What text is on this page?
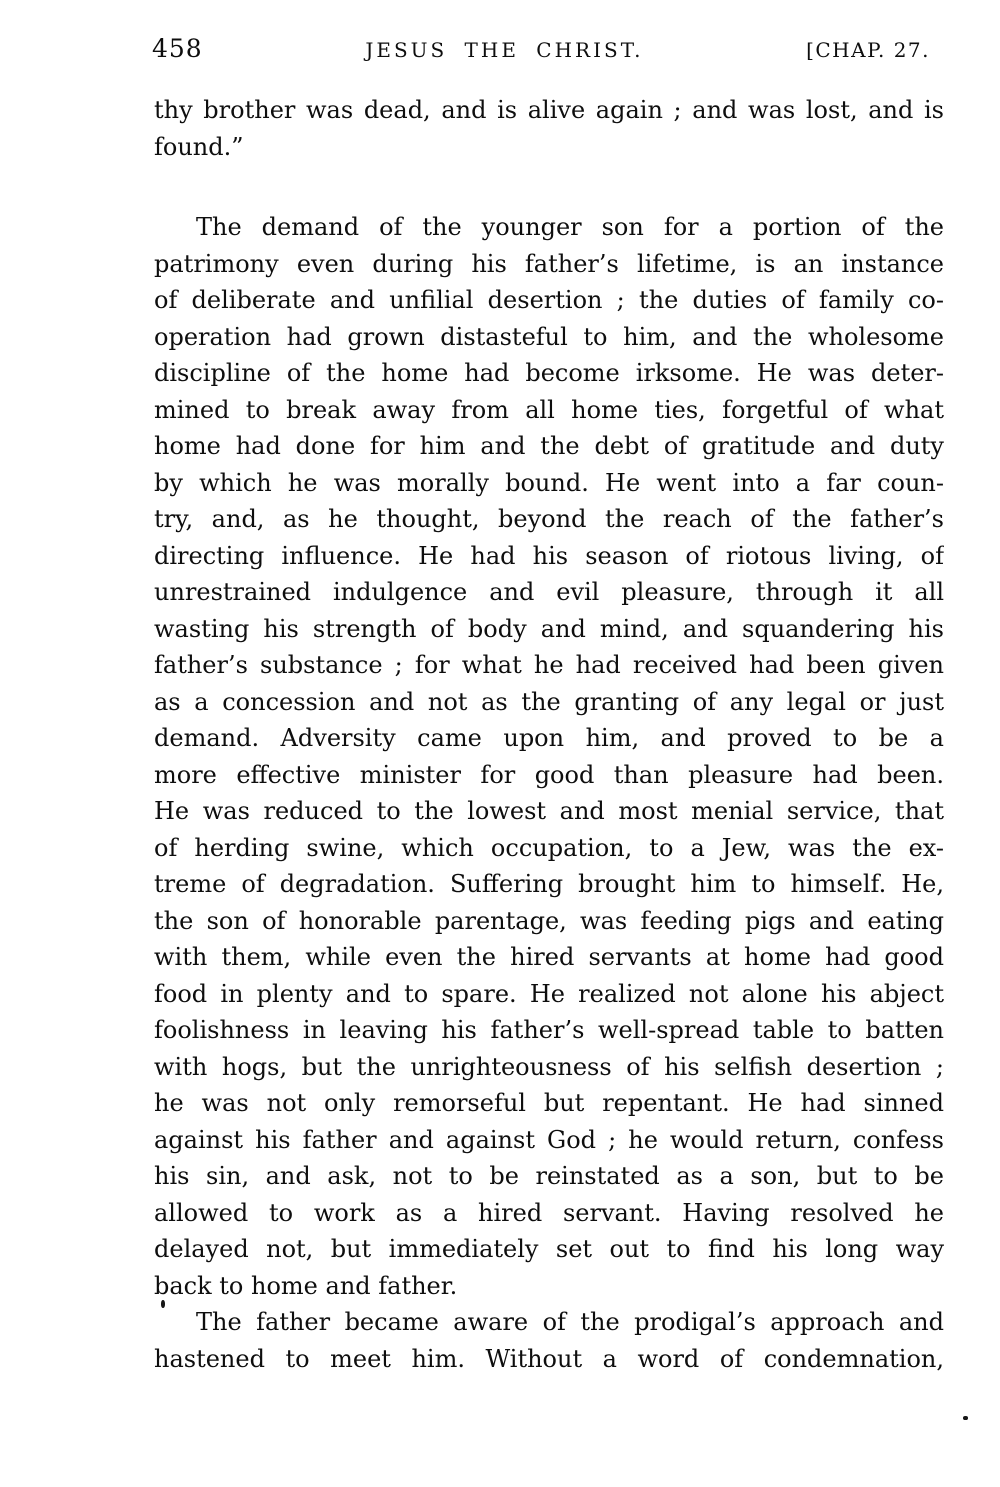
458	JESUS THE CHRIST.	[CHAP. 27.
thy brother was dead, and is alive again ; and was lost, and is
found.”
The demand of the younger son for a portion of the
patrimony even during his father’s lifetime, is an instance
of deliberate and unfilial desertion ; the duties of family co-
operation had grown distasteful to him, and the wholesome
discipline of the home had become irksome. He was deter-
mined to break away from all home ties, forgetful of what
home had done for him and the debt of gratitude and duty
by which he was morally bound. He went into a far coun-
try, and, as he thought, beyond the reach of the father’s
directing influence. He had his season of riotous living, of
unrestrained indulgence and evil pleasure, through it all
wasting his strength of body and mind, and squandering his
father’s substance ; for what he had received had been given
as a concession and not as the granting of any legal or just
demand. Adversity came upon him, and proved to be a
more effective minister for good than pleasure had been.
He was reduced to the lowest and most menial service, that
of herding swine, which occupation, to a Jew, was the ex-
treme of degradation. Suffering brought him to himself. He,
the son of honorable parentage, was feeding pigs and eating
with them, while even the hired servants at home had good
food in plenty and to spare. He realized not alone his abject
foolishness in leaving his father’s well-spread table to batten
with hogs, but the unrighteousness of his selfish desertion ;
he was not only remorseful but repentant. He had sinned
against his father and against God ; he would return, confess
his sin, and ask, not to be reinstated as a son, but to be
allowed to work as a hired servant. Having resolved he
delayed not, but immediately set out to find his long way
back to home and father.
The father became aware of the prodigal’s approach and
hastened to meet him. Without a word of condemnation,
